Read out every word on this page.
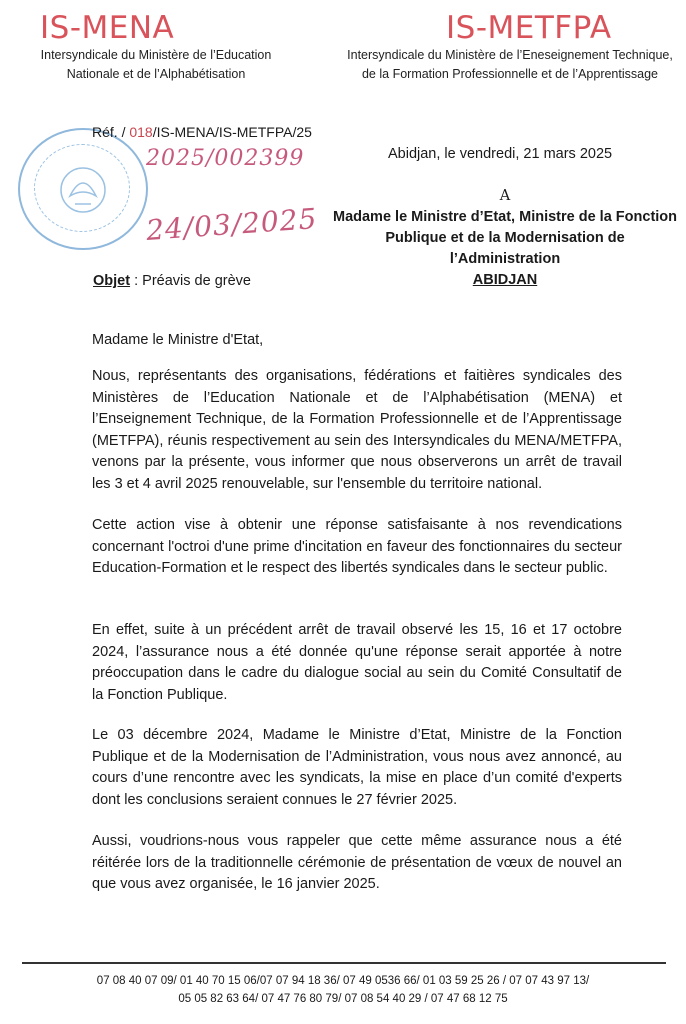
IS-MENA
Intersyndicale du Ministère de l’Education
Nationale et de l’Alphabétisation
IS-METFPA
Intersyndicale du Ministère de l’Eneseignement Technique,
de la Formation Professionnelle et de l’Apprentissage
Réf. / 018/IS-MENA/IS-METFPA/25
2025/002399
24/03/2025
Abidjan, le vendredi, 21 mars 2025
A
Madame le Ministre d’Etat, Ministre de la Fonction
Publique et de la Modernisation de
l’Administration
ABIDJAN
Objet : Préavis de grève
Madame le Ministre d'Etat,
Nous, représentants des organisations, fédérations et faitières syndicales des Ministères de l’Education Nationale et de l’Alphabétisation (MENA) et l’Enseignement Technique, de la Formation Professionnelle et de l’Apprentissage (METFPA), réunis respectivement au sein des Intersyndicales du MENA/METFPA, venons par la présente, vous informer que nous observerons un arrêt de travail les 3 et 4 avril 2025 renouvelable, sur l'ensemble du territoire national.
Cette action vise à obtenir une réponse satisfaisante à nos revendications concernant l'octroi d'une prime d'incitation en faveur des fonctionnaires du secteur Education-Formation et le respect des libertés syndicales dans le secteur public.
En effet, suite à un précédent arrêt de travail observé les 15, 16 et 17 octobre 2024, l’assurance nous a été donnée qu'une réponse serait apportée à notre préoccupation dans le cadre du dialogue social au sein du Comité Consultatif de la Fonction Publique.
Le 03 décembre 2024, Madame le Ministre d’Etat, Ministre de la Fonction Publique et de la Modernisation de l’Administration, vous nous avez annoncé, au cours d’une rencontre avec les syndicats, la mise en place d’un comité d'experts dont les conclusions seraient connues le 27 février 2025.
Aussi, voudrions-nous vous rappeler que cette même assurance nous a été réitérée lors de la traditionnelle cérémonie de présentation de vœux de nouvel an que vous avez organisée, le 16 janvier 2025.
07 08 40 07 09/ 01 40 70 15 06/07 07 94 18 36/ 07 49 0536 66/ 01 03 59 25 26 / 07 07 43 97 13/
05 05 82 63 64/ 07 47 76 80 79/ 07 08 54 40 29 / 07 47 68 12 75
